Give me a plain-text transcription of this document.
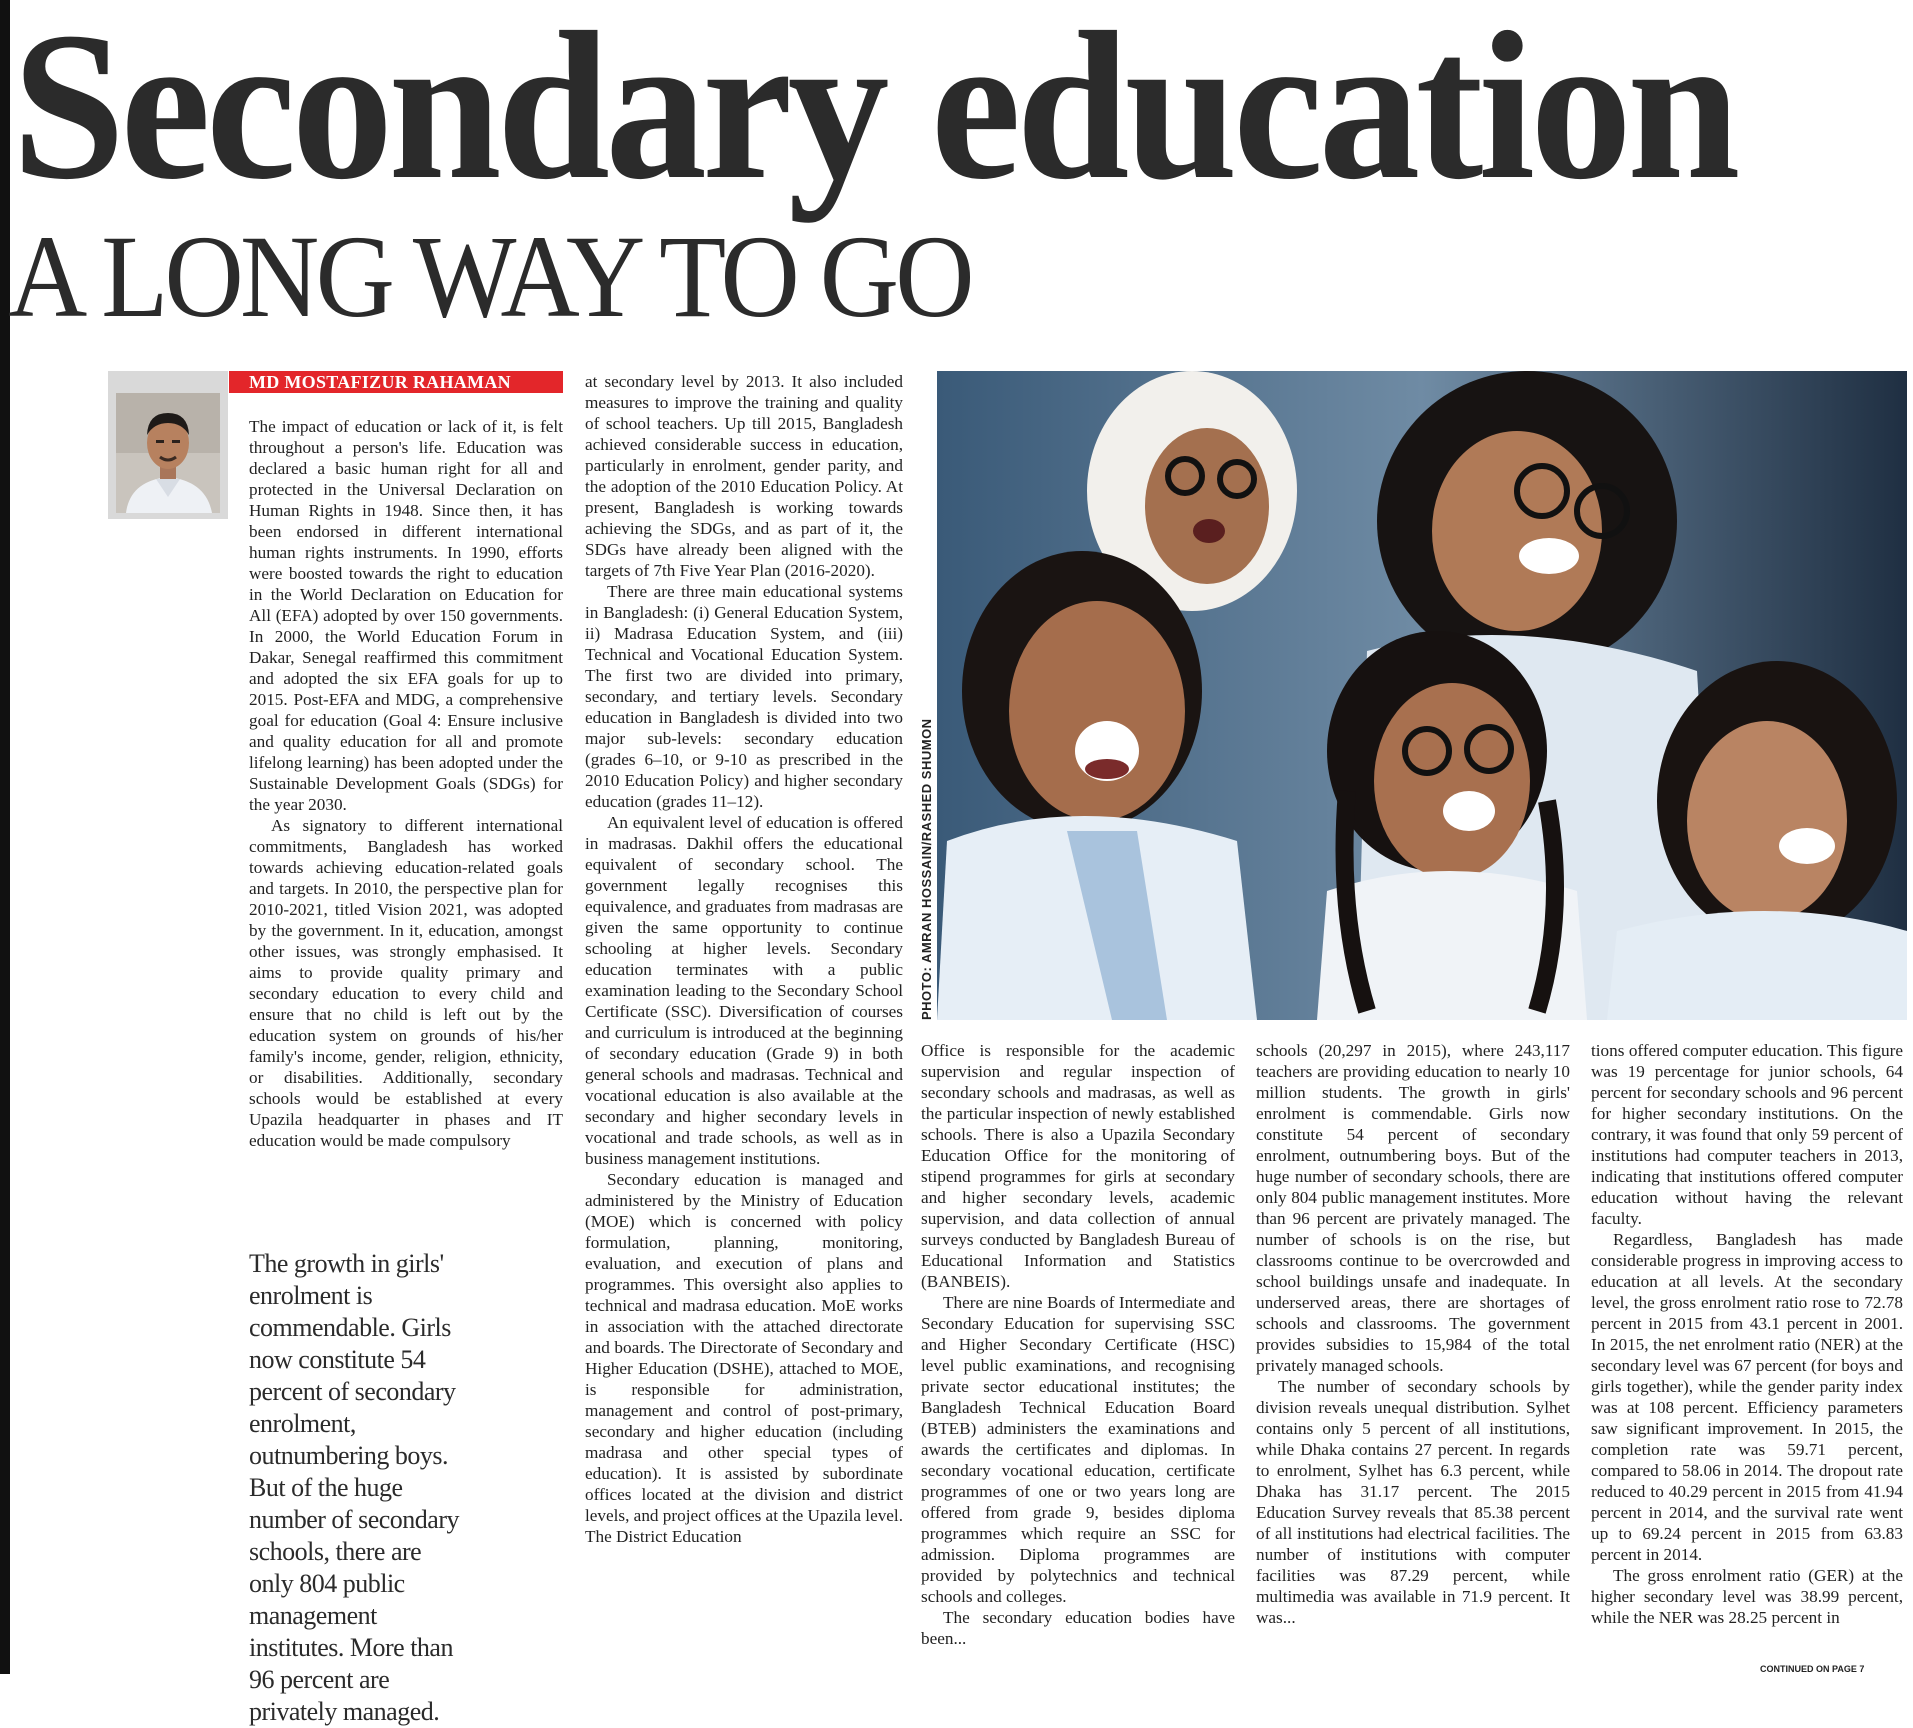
Secondary education
A LONG WAY TO GO
MD MOSTAFIZUR RAHAMAN

The impact of education or lack of it, is felt throughout a person's life. Education was declared a basic human right for all and protected in the Universal Declaration on Human Rights in 1948. Since then, it has been endorsed in different international human rights instruments. In 1990, efforts were boosted towards the right to education in the World Declaration on Education for All (EFA) adopted by over 150 governments. In 2000, the World Education Forum in Dakar, Senegal reaffirmed this commitment and adopted the six EFA goals for up to 2015. Post-EFA and MDG, a comprehensive goal for education (Goal 4: Ensure inclusive and quality education for all and promote lifelong learning) has been adopted under the Sustainable Development Goals (SDGs) for the year 2030.

As signatory to different international commitments, Bangladesh has worked towards achieving education-related goals and targets. In 2010, the perspective plan for 2010-2021, titled Vision 2021, was adopted by the government. In it, education, amongst other issues, was strongly emphasised. It aims to provide quality primary and secondary education to every child and ensure that no child is left out by the education system on grounds of his/her family's income, gender, religion, ethnicity, or disabilities. Additionally, secondary schools would be established at every Upazila headquarter in phases and IT education would be made compulsory

The growth in girls' enrolment is commendable. Girls now constitute 54 percent of secondary enrolment, outnumbering boys. But of the huge number of secondary schools, there are only 804 public management institutes. More than 96 percent are privately managed.

at secondary level by 2013. It also included measures to improve the training and quality of school teachers. Up till 2015, Bangladesh achieved considerable success in education, particularly in enrolment, gender parity, and the adoption of the 2010 Education Policy. At present, Bangladesh is working towards achieving the SDGs, and as part of it, the SDGs have already been aligned with the targets of 7th Five Year Plan (2016-2020).

There are three main educational systems in Bangladesh: (i) General Education System, ii) Madrasa Education System, and (iii) Technical and Vocational Education System. The first two are divided into primary, secondary, and tertiary levels. Secondary education in Bangladesh is divided into two major sub-levels: secondary education (grades 6–10, or 9-10 as prescribed in the 2010 Education Policy) and higher secondary education (grades 11–12).

An equivalent level of education is offered in madrasas. Dakhil offers the educational equivalent of secondary school. The government legally recognises this equivalence, and graduates from madrasas are given the same opportunity to continue schooling at higher levels. Secondary education terminates with a public examination leading to the Secondary School Certificate (SSC). Diversification of courses and curriculum is introduced at the beginning of secondary education (Grade 9) in both general schools and madrasas. Technical and vocational education is also available at the secondary and higher secondary levels in vocational and trade schools, as well as in business management institutions.

Secondary education is managed and administered by the Ministry of Education (MOE) which is concerned with policy formulation, planning, monitoring, evaluation, and execution of plans and programmes. This oversight also applies to technical and madrasa education. MoE works in association with the attached directorate and boards. The Directorate of Secondary and Higher Education (DSHE), attached to MOE, is responsible for administration, management and control of post-primary, secondary and higher education (including madrasa and other special types of education). It is assisted by subordinate offices located at the division and district levels, and project offices at the Upazila level. The District Education

PHOTO: AMRAN HOSSAIN/RASHED SHUMON

Office is responsible for the academic supervision and regular inspection of secondary schools and madrasas, as well as the particular inspection of newly established schools. There is also a Upazila Secondary Education Office for the monitoring of stipend programmes for girls at secondary and higher secondary levels, academic supervision, and data collection of annual surveys conducted by Bangladesh Bureau of Educational Information and Statistics (BANBEIS).

There are nine Boards of Intermediate and Secondary Education for supervising SSC and Higher Secondary Certificate (HSC) level public examinations, and recognising private sector educational institutes; the Bangladesh Technical Education Board (BTEB) administers the examinations and awards the certificates and diplomas. In secondary vocational education, certificate programmes of one or two years long are offered from grade 9, besides diploma programmes which require an SSC for admission. Diploma programmes are provided by polytechnics and technical schools and colleges.

The secondary education bodies have been...

schools (20,297 in 2015), where 243,117 teachers are providing education to nearly 10 million students. The growth in girls' enrolment is commendable. Girls now constitute 54 percent of secondary enrolment, outnumbering boys. But of the huge number of secondary schools, there are only 804 public management institutes. More than 96 percent are privately managed. The number of schools is on the rise, but classrooms continue to be overcrowded and school buildings unsafe and inadequate. In underserved areas, there are shortages of schools and classrooms. The government provides subsidies to 15,984 of the total privately managed schools.

The number of secondary schools by division reveals unequal distribution. Sylhet contains only 5 percent of all institutions, while Dhaka contains 27 percent. In regards to enrolment, Sylhet has 6.3 percent, while Dhaka has 31.17 percent. The 2015 Education Survey reveals that 85.38 percent of all institutions had electrical facilities. The number of institutions with computer facilities was 87.29 percent, while multimedia was available in 71.9 percent. It was...

tions offered computer education. This figure was 19 percentage for junior schools, 64 percent for secondary schools and 96 percent for higher secondary institutions. On the contrary, it was found that only 59 percent of institutions had computer teachers in 2013, indicating that institutions offered computer education without having the relevant faculty.

Regardless, Bangladesh has made considerable progress in improving access to education at all levels. At the secondary level, the gross enrolment ratio rose to 72.78 percent in 2015 from 43.1 percent in 2001. In 2015, the net enrolment ratio (NER) at the secondary level was 67 percent (for boys and girls together), while the gender parity index was at 108 percent. Efficiency parameters saw significant improvement. In 2015, the completion rate was 59.71 percent, compared to 58.06 in 2014. The dropout rate reduced to 40.29 percent in 2015 from 41.94 percent in 2014, and the survival rate went up to 69.24 percent in 2015 from 63.83 percent in 2014.

The gross enrolment ratio (GER) at the higher secondary level was 38.99 percent, while the NER was 28.25 percent in

CONTINUED ON PAGE 7
